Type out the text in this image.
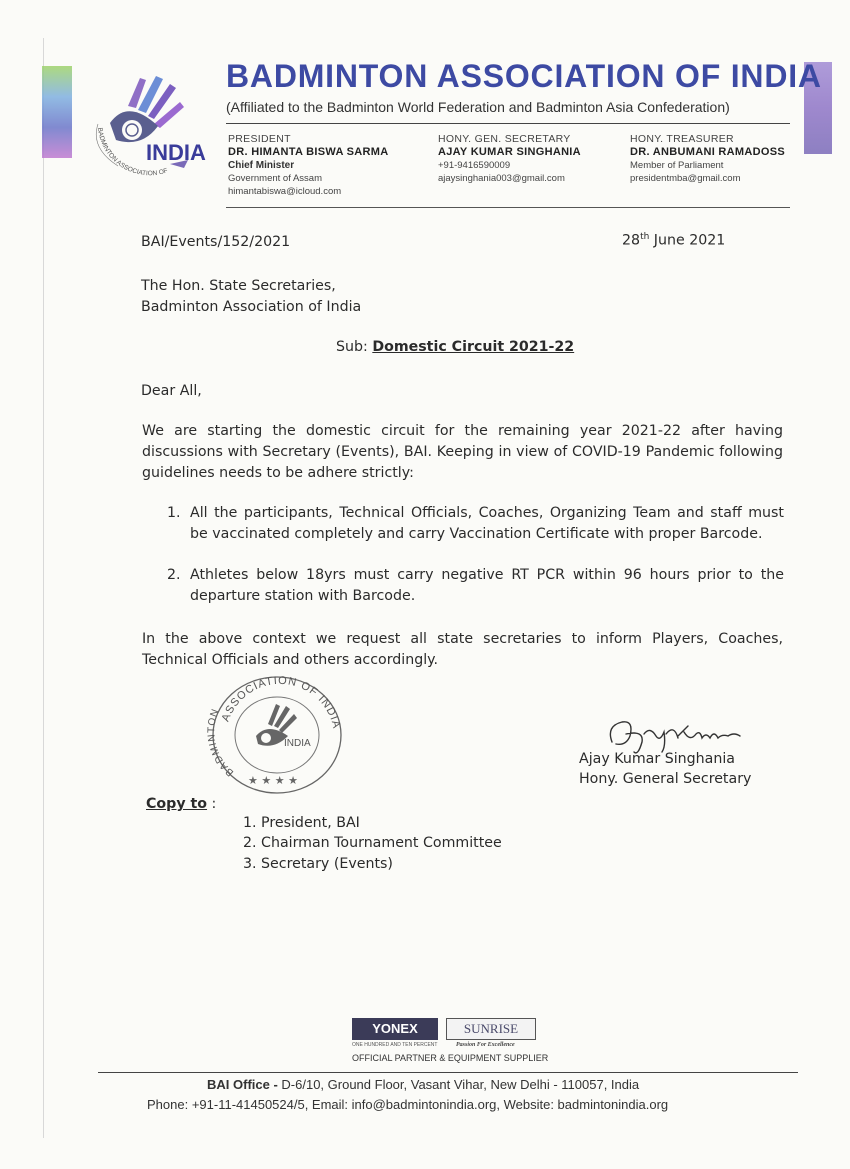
BADMINTON ASSOCIATION OF
INDIA
BADMINTON ASSOCIATION OF INDIA
(Affiliated to the Badminton World Federation and Badminton Asia Confederation)
PRESIDENT
DR. HIMANTA BISWA SARMA
Chief Minister
Government of Assam
himantabiswa@icloud.com
HONY. GEN. SECRETARY
AJAY KUMAR SINGHANIA
+91-9416590009
ajaysinghania003@gmail.com
HONY. TREASURER
DR. ANBUMANI RAMADOSS
Member of Parliament
presidentmba@gmail.com
BAI/Events/152/2021	28th June 2021
The Hon. State Secretaries,
Badminton Association of India
Sub: Domestic Circuit 2021-22
Dear All,
We are starting the domestic circuit for the remaining year 2021-22 after having discussions with Secretary (Events), BAI. Keeping in view of COVID-19 Pandemic following guidelines needs to be adhere strictly:
1. All the participants, Technical Officials, Coaches, Organizing Team and staff must be vaccinated completely and carry Vaccination Certificate with proper Barcode.
2. Athletes below 18yrs must carry negative RT PCR within 96 hours prior to the departure station with Barcode.
In the above context we request all state secretaries to inform Players, Coaches, Technical Officials and others accordingly.
ASSOCIATION OF INDIA
BADMINTON
INDIA
★ ★ ★ ★
Ajay Kumar Singhania
Hony. General Secretary
Copy to :
1. President, BAI
2. Chairman Tournament Committee
3. Secretary (Events)
YONEX	SUNRISE
ONE HUNDRED AND TEN PERCENT	Passion For Excellence
OFFICIAL PARTNER & EQUIPMENT SUPPLIER
BAI Office - D-6/10, Ground Floor, Vasant Vihar, New Delhi - 110057, India
Phone: +91-11-41450524/5, Email: info@badmintonindia.org, Website: badmintonindia.org
